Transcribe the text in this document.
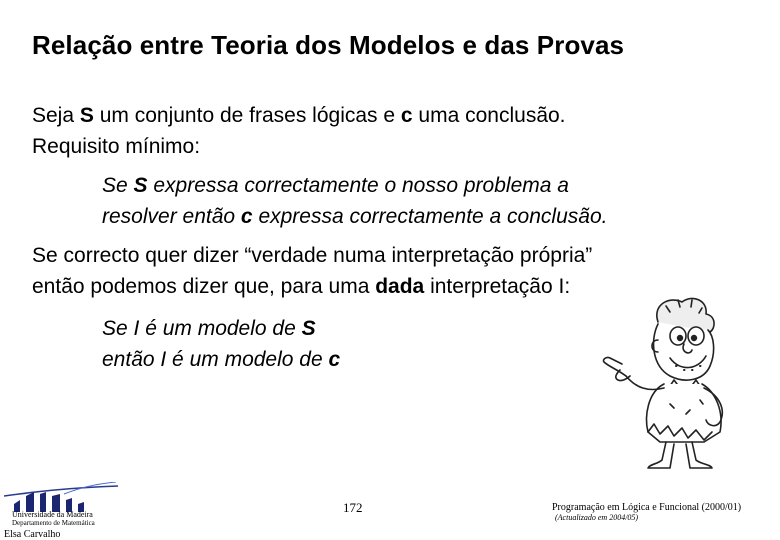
Relação entre Teoria dos Modelos e das Provas
Seja S um conjunto de frases lógicas e c uma conclusão.
Requisito mínimo:
Se S expressa correctamente o nosso problema a
resolver então c expressa correctamente a conclusão.
Se correcto quer dizer “verdade numa interpretação própria”
então podemos dizer que, para uma dada interpretação I:
Se I é um modelo de S
então I é um modelo de c
Universidade da Madeira
Departamento de Matemática
Elsa Carvalho
172	Programação em Lógica e Funcional (2000/01)
(Actualizado em 2004/05)
